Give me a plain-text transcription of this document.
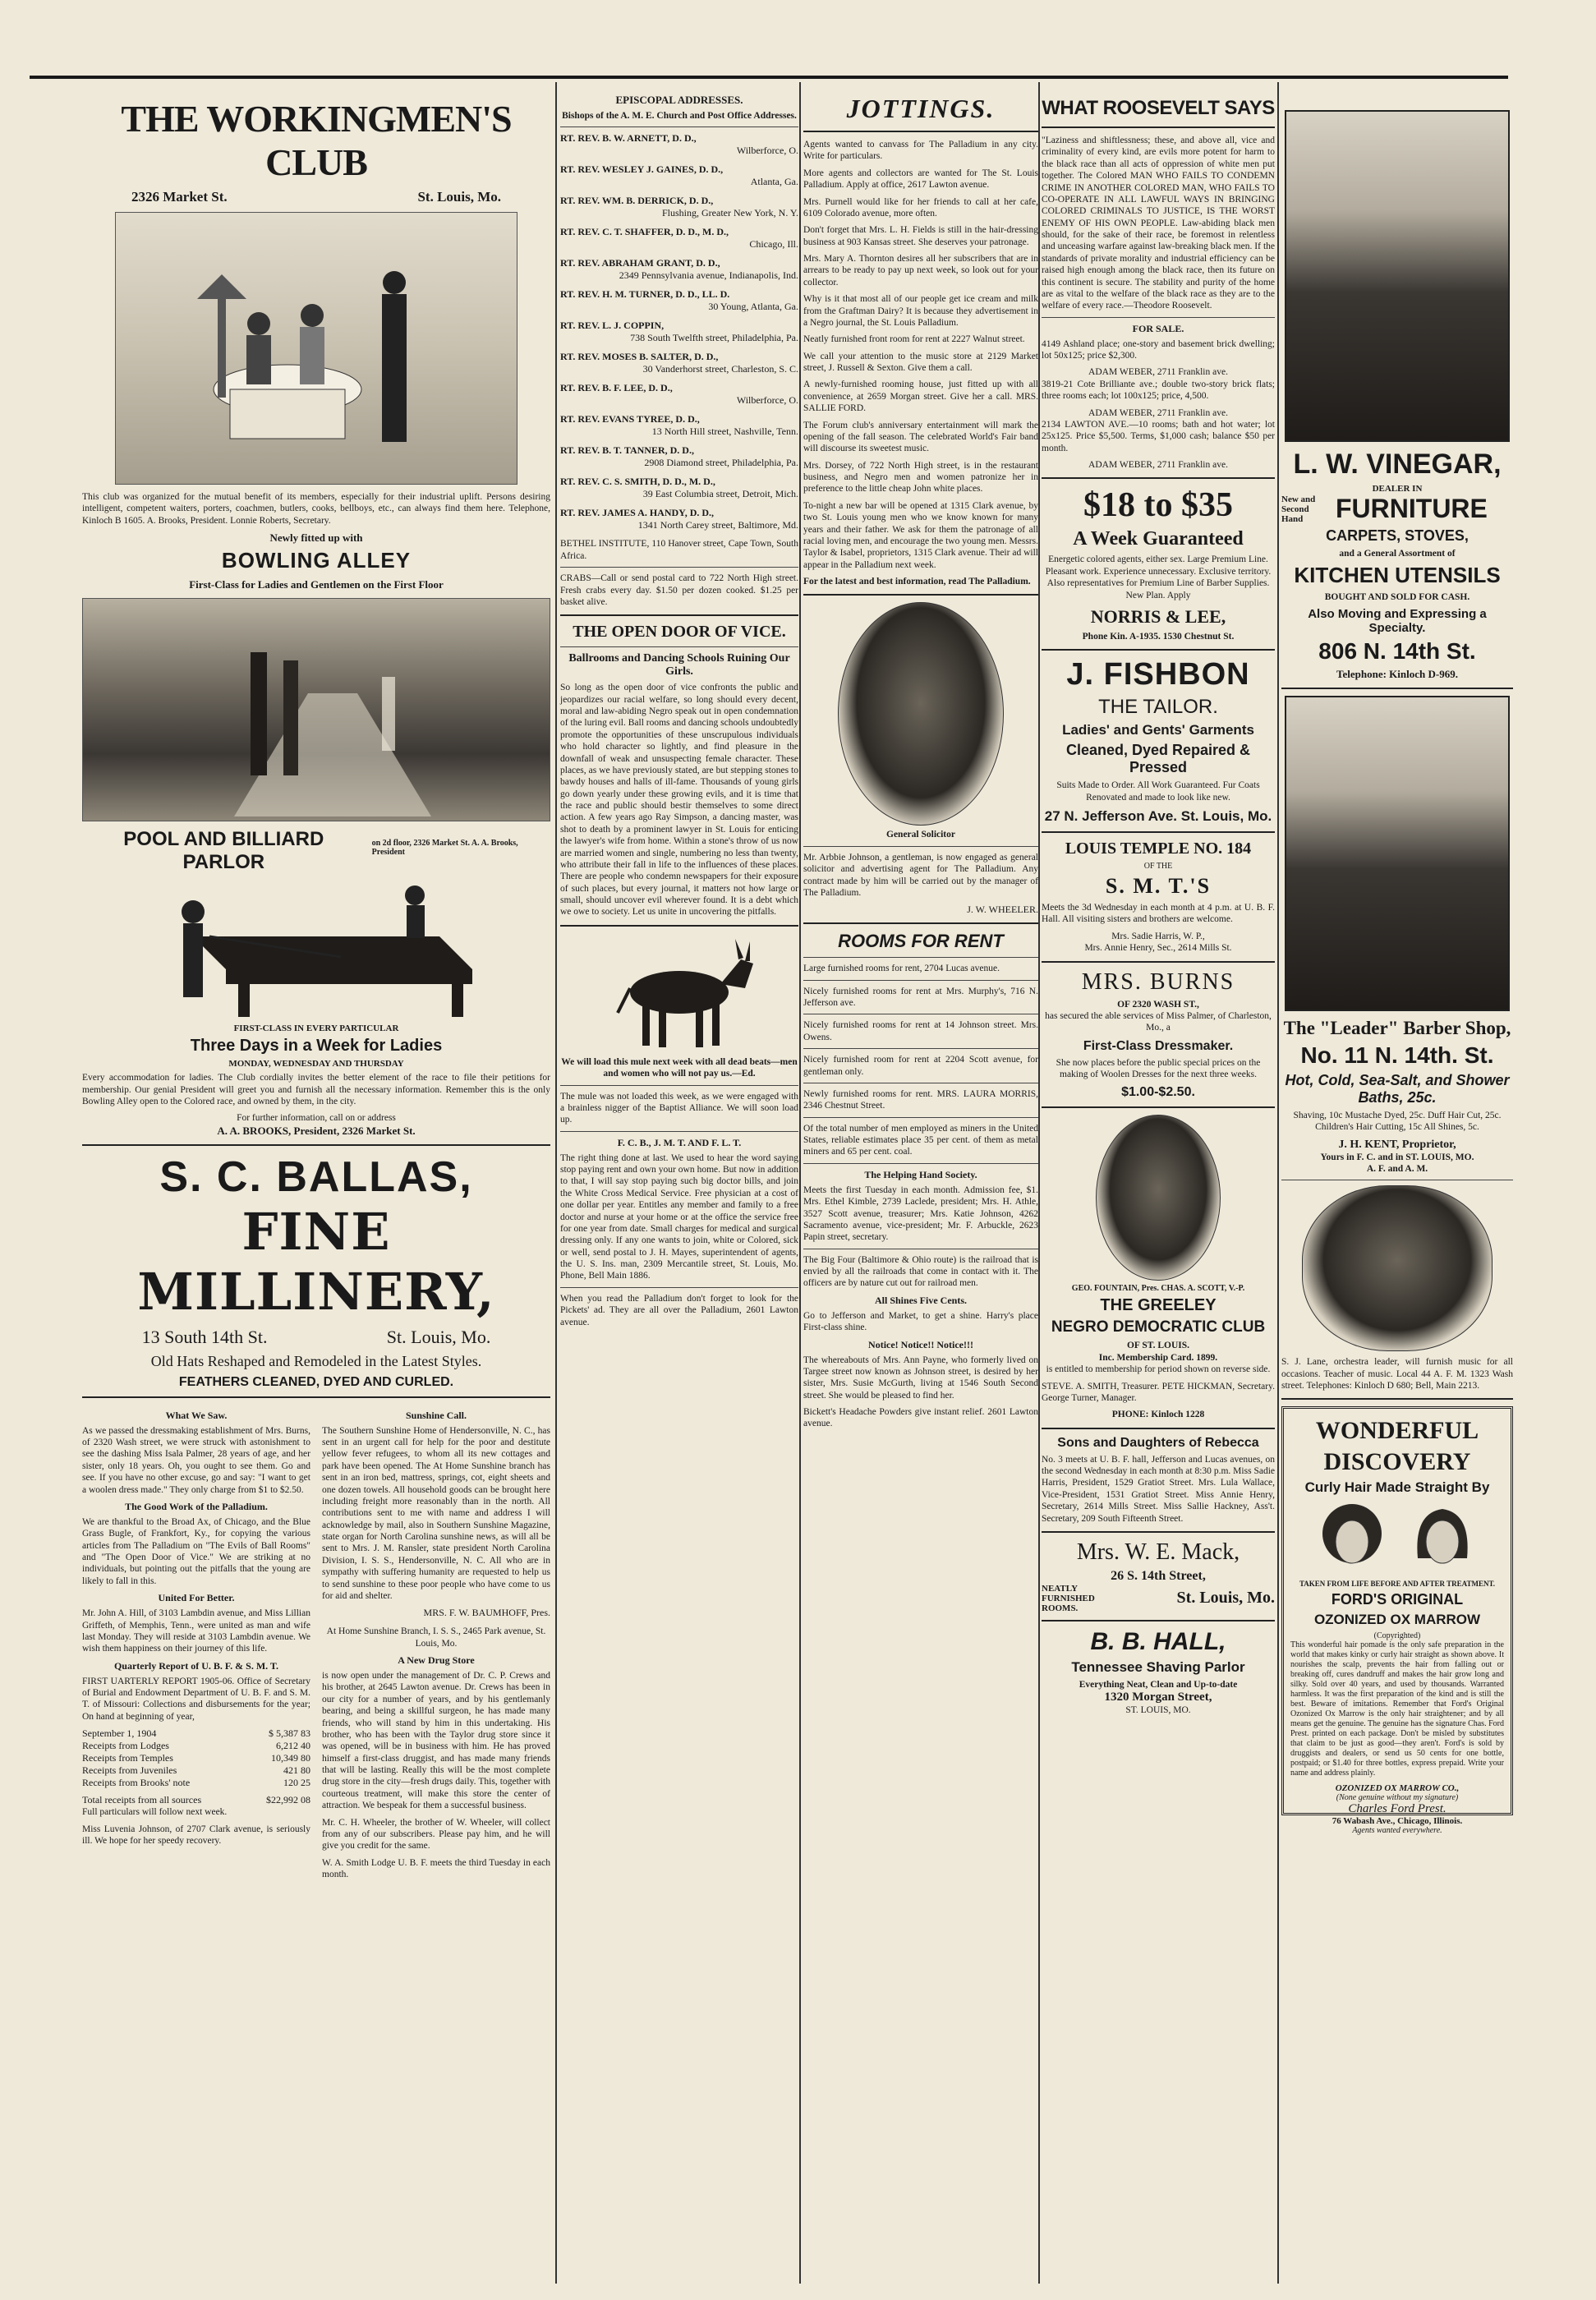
THE WORKINGMEN'S CLUB
2326 Market St.	St. Louis, Mo.

This club was organized for the mutual benefit of its members, especially for their industrial uplift. Persons desiring intelligent, competent waiters, porters, coachmen, butlers, cooks, bellboys, etc., can always find them here. Telephone, Kinloch B 1605. A. Brooks, President. Lonnie Roberts, Secretary.

Newly fitted up with
BOWLING ALLEY
First-Class for Ladies and Gentlemen on the First Floor
POOL AND BILLIARD PARLOR
on 2d floor, 2326 Market St. A. A. Brooks, President
FIRST-CLASS IN EVERY PARTICULAR
Three Days in a Week for Ladies
MONDAY, WEDNESDAY AND THURSDAY

Every accommodation for ladies. The Club cordially invites the better element of the race to file their petitions for membership. Our genial President will greet you and furnish all the necessary information. Remember this is the only Bowling Alley open to the Colored race, and owned by them, in the city.

For further information, call on or address
A. A. BROOKS, President, 2326 Market St.
S. C. BALLAS,
FINE MILLINERY,
13 South 14th St.	St. Louis, Mo.
Old Hats Reshaped and Remodeled in the Latest Styles.
FEATHERS CLEANED, DYED AND CURLED.
What We Saw.

As we passed the dressmaking establishment of Mrs. Burns, of 2320 Wash street, we were struck with astonishment to see the dashing Miss Isala Palmer, 28 years of age, and her sister, only 18 years. Oh, you ought to see them. Go and see. If you have no other excuse, go and say: "I want to get a woolen dress made." They only charge from $1 to $2.50.

The Good Work of the Palladium.

We are thankful to the Broad Ax, of Chicago, and the Blue Grass Bugle, of Frankfort, Ky., for copying the various articles from The Palladium on "The Evils of Ball Rooms" and "The Open Door of Vice." We are striking at no individuals, but pointing out the pitfalls that the young are likely to fall in this.

United For Better.

Mr. John A. Hill, of 3103 Lambdin avenue, and Miss Lillian Griffeth, of Memphis, Tenn., were united as man and wife last Monday. They will reside at 3103 Lambdin avenue. We wish them happiness on their journey of this life.

Quarterly Report of U. B. F. & S. M. T.

FIRST UARTERLY REPORT 1905-06. Office of Secretary of Burial and Endowment Department of U. B. F. and S. M. T. of Missouri: Collections and disbursements for the year; On hand at beginning of year,

September 1, 1904	$ 5,387 83
Receipts from Lodges	6,212 40
Receipts from Temples	10,349 80
Receipts from Juveniles	421 80
Receipts from Brooks' note	120 25
Total receipts from all sources	$22,992 08

Full particulars will follow next week.

Miss Luvenia Johnson, of 2707 Clark avenue, is seriously ill. We hope for her speedy recovery.

Sunshine Call.

The Southern Sunshine Home of Hendersonville, N. C., has sent in an urgent call for help for the poor and destitute yellow fever refugees, to whom all its new cottages and park have been opened. The At Home Sunshine branch has sent in an iron bed, mattress, springs, cot, eight sheets and one dozen towels. All household goods can be brought here including freight more reasonably than in the north. All contributions sent to me with name and address I will acknowledge by mail, also in Southern Sunshine Magazine, state organ for North Carolina sunshine news, as will all be sent to Mrs. J. M. Ransler, state president North Carolina Division, I. S. S., Hendersonville, N. C. All who are in sympathy with suffering humanity are requested to help us to send sunshine to these poor people who have come to us for aid and shelter.

MRS. F. W. BAUMHOFF, Pres.

At Home Sunshine Branch, I. S. S., 2465 Park avenue, St. Louis, Mo.

A New Drug Store

is now open under the management of Dr. C. P. Crews and his brother, at 2645 Lawton avenue. Dr. Crews has been in our city for a number of years, and by his gentlemanly bearing, and being a skillful surgeon, he has made many friends, who will stand by him in this undertaking. His brother, who has been with the Taylor drug store since it was opened, will be in business with him. He has proved himself a first-class druggist, and has made many friends that will be lasting. Really this will be the most complete drug store in the city—fresh drugs daily. This, together with courteous treatment, will make this store the center of attraction. We bespeak for them a successful business.

Mr. C. H. Wheeler, the brother of W. Wheeler, will collect from any of our subscribers. Please pay him, and he will give you credit for the same.

W. A. Smith Lodge U. B. F. meets the third Tuesday in each month.

EPISCOPAL ADDRESSES.
Bishops of the A. M. E. Church and Post Office Addresses.
RT. REV. B. W. ARNETT, D. D.,
Wilberforce, O.
RT. REV. WESLEY J. GAINES, D. D.,
Atlanta, Ga.
RT. REV. WM. B. DERRICK, D. D.,
Flushing, Greater New York, N. Y.
RT. REV. C. T. SHAFFER, D. D., M. D.,
Chicago, Ill.
RT. REV. ABRAHAM GRANT, D. D.,
2349 Pennsylvania avenue, Indianapolis, Ind.
RT. REV. H. M. TURNER, D. D., LL. D.
30 Young, Atlanta, Ga.
RT. REV. L. J. COPPIN,
738 South Twelfth street, Philadelphia, Pa.
RT. REV. MOSES B. SALTER, D. D.,
30 Vanderhorst street, Charleston, S. C.
RT. REV. B. F. LEE, D. D.,
Wilberforce, O.
RT. REV. EVANS TYREE, D. D.,
13 North Hill street, Nashville, Tenn.
RT. REV. B. T. TANNER, D. D.,
2908 Diamond street, Philadelphia, Pa.
RT. REV. C. S. SMITH, D. D., M. D.,
39 East Columbia street, Detroit, Mich.
RT. REV. JAMES A. HANDY, D. D.,
1341 North Carey street, Baltimore, Md.

BETHEL INSTITUTE, 110 Hanover street, Cape Town, South Africa.

CRABS—Call or send postal card to 722 North High street. Fresh crabs every day. $1.50 per dozen cooked. $1.25 per basket alive.

THE OPEN DOOR OF VICE.
Ballrooms and Dancing Schools Ruining Our Girls.

So long as the open door of vice confronts the public and jeopardizes our racial welfare, so long should every decent, moral and law-abiding Negro speak out in open condemnation of the luring evil. Ball rooms and dancing schools undoubtedly promote the opportunities of these unscrupulous individuals who hold character so lightly, and find pleasure in the downfall of weak and unsuspecting female character. These places, as we have previously stated, are but stepping stones to bawdy houses and halls of ill-fame. Thousands of young girls go down yearly under these growing evils, and it is time that the race and public should bestir themselves to some direct action. A few years ago Ray Simpson, a dancing master, was shot to death by a prominent lawyer in St. Louis for enticing the lawyer's wife from home. Within a stone's throw of us now are married women and single, numbering no less than twenty, who attribute their fall in life to the influences of these places. There are people who condemn newspapers for their exposure of such places, but every journal, it matters not how large or small, should uncover evil wherever found. It is a debt which we owe to society. Let us unite in uncovering the pitfalls.

We will load this mule next week with all dead beats—men and women who will not pay us.—Ed.

The mule was not loaded this week, as we were engaged with a brainless nigger of the Baptist Alliance. We will soon load up.

F. C. B., J. M. T. AND F. L. T.

The right thing done at last. We used to hear the word saying stop paying rent and own your own home. But now in addition to that, I will say stop paying such big doctor bills, and join the White Cross Medical Service. Free physician at a cost of one dollar per year. Entitles any member and family to a free doctor and nurse at your home or at the office the service free for one year from date. Small charges for medical and surgical dressing only. If any one wants to join, white or Colored, sick or well, send postal to J. H. Mayes, superintendent of agents, the U. S. Ins. man, 2309 Mercantile street, St. Louis, Mo. Phone, Bell Main 1886.

When you read the Palladium don't forget to look for the Pickets' ad. They are all over the Palladium, 2601 Lawton avenue.

JOTTINGS.

Agents wanted to canvass for The Palladium in any city. Write for particulars.

More agents and collectors are wanted for The St. Louis Palladium. Apply at office, 2617 Lawton avenue.

Mrs. Purnell would like for her friends to call at her cafe, 6109 Colorado avenue, more often.

Don't forget that Mrs. L. H. Fields is still in the hair-dressing business at 903 Kansas street. She deserves your patronage.

Mrs. Mary A. Thornton desires all her subscribers that are in arrears to be ready to pay up next week, so look out for your collector.

Why is it that most all of our people get ice cream and milk from the Graftman Dairy? It is because they advertisement in a Negro journal, the St. Louis Palladium.

Neatly furnished front room for rent at 2227 Walnut street.

We call your attention to the music store at 2129 Market street, J. Russell & Sexton. Give them a call.

A newly-furnished rooming house, just fitted up with all convenience, at 2659 Morgan street. Give her a call. MRS. SALLIE FORD.

The Forum club's anniversary entertainment will mark the opening of the fall season. The celebrated World's Fair band will discourse its sweetest music.

Mrs. Dorsey, of 722 North High street, is in the restaurant business, and Negro men and women patronize her in preference to the little cheap John white places.

To-night a new bar will be opened at 1315 Clark avenue, by two St. Louis young men who we know known for many years and their father. We ask for them the patronage of all racial loving men, and encourage the two young men. Messrs. Taylor & Isabel, proprietors, 1315 Clark avenue. Their ad will appear in the Palladium next week.

For the latest and best information, read The Palladium.

General Solicitor

Mr. Arbbie Johnson, a gentleman, is now engaged as general solicitor and advertising agent for The Palladium. Any contract made by him will be carried out by the manager of The Palladium.

J. W. WHEELER.
ROOMS FOR RENT

Large furnished rooms for rent, 2704 Lucas avenue.

Nicely furnished rooms for rent at Mrs. Murphy's, 716 N. Jefferson ave.

Nicely furnished rooms for rent at 14 Johnson street. Mrs. Owens.

Nicely furnished room for rent at 2204 Scott avenue, for gentleman only.

Newly furnished rooms for rent. MRS. LAURA MORRIS, 2346 Chestnut Street.

Of the total number of men employed as miners in the United States, reliable estimates place 35 per cent. of them as metal miners and 65 per cent. coal.

The Helping Hand Society.

Meets the first Tuesday in each month. Admission fee, $1. Mrs. Ethel Kimble, 2739 Laclede, president; Mrs. H. Athle, 3527 Scott avenue, treasurer; Mrs. Katie Johnson, 4262 Sacramento avenue, vice-president; Mr. F. Arbuckle, 2623 Papin street, secretary.

The Big Four (Baltimore & Ohio route) is the railroad that is envied by all the railroads that come in contact with it. The officers are by nature cut out for railroad men.

All Shines Five Cents.

Go to Jefferson and Market, to get a shine. Harry's place First-class shine.

Notice! Notice!! Notice!!!

The whereabouts of Mrs. Ann Payne, who formerly lived on Targee street now known as Johnson street, is desired by her sister, Mrs. Susie McGurth, living at 1546 South Second street. She would be pleased to find her.

Bickett's Headache Powders give instant relief. 2601 Lawton avenue.

WHAT ROOSEVELT SAYS

"Laziness and shiftlessness; these, and above all, vice and criminality of every kind, are evils more potent for harm to the black race than all acts of oppression of white men put together. The Colored MAN WHO FAILS TO CONDEMN CRIME IN ANOTHER COLORED MAN, WHO FAILS TO CO-OPERATE IN ALL LAWFUL WAYS IN BRINGING COLORED CRIMINALS TO JUSTICE, IS THE WORST ENEMY OF HIS OWN PEOPLE. Law-abiding black men should, for the sake of their race, be foremost in relentless and unceasing warfare against law-breaking black men. If the standards of private morality and industrial efficiency can be raised high enough among the black race, then its future on this continent is secure. The stability and purity of the home are as vital to the welfare of the black race as they are to the welfare of every race.—Theodore Roosevelt.

FOR SALE.

4149 Ashland place; one-story and basement brick dwelling; lot 50x125; price $2,300.

ADAM WEBER, 2711 Franklin ave.

3819-21 Cote Brilliante ave.; double two-story brick flats; three rooms each; lot 100x125; price, 4,500.

ADAM WEBER, 2711 Franklin ave.

2134 LAWTON AVE.—10 rooms; bath and hot water; lot 25x125. Price $5,500. Terms, $1,000 cash; balance $50 per month.

ADAM WEBER, 2711 Franklin ave.
$18 to $35
A Week Guaranteed

Energetic colored agents, either sex. Large Premium Line. Pleasant work. Experience unnecessary. Exclusive territory. Also representatives for Premium Line of Barber Supplies. New Plan. Apply

NORRIS & LEE,
Phone Kin. A-1935. 1530 Chestnut St.
J. FISHBON
THE TAILOR.
Ladies' and Gents' Garments
Cleaned, Dyed Repaired & Pressed

Suits Made to Order. All Work Guaranteed. Fur Coats Renovated and made to look like new.

27 N. Jefferson Ave. St. Louis, Mo.
LOUIS TEMPLE NO. 184
OF THE
S. M. T.'S

Meets the 3d Wednesday in each month at 4 p.m. at U. B. F. Hall. All visiting sisters and brothers are welcome.

Mrs. Sadie Harris, W. P.,
Mrs. Annie Henry, Sec., 2614 Mills St.
MRS. BURNS
OF 2320 WASH ST.,

has secured the able services of Miss Palmer, of Charleston, Mo., a

First-Class Dressmaker.

She now places before the public special prices on the making of Woolen Dresses for the next three weeks.

$1.00-$2.50.
GEO. FOUNTAIN, Pres. CHAS. A. SCOTT, V.-P.
THE GREELEY
NEGRO DEMOCRATIC CLUB
OF ST. LOUIS.
Inc. Membership Card. 1899.

is entitled to membership for period shown on reverse side.

STEVE. A. SMITH, Treasurer. PETE HICKMAN, Secretary. George Turner, Manager.

PHONE: Kinloch 1228
Sons and Daughters of Rebecca

No. 3 meets at U. B. F. hall, Jefferson and Lucas avenues, on the second Wednesday in each month at 8:30 p.m. Miss Sadie Harris, President, 1529 Gratiot Street. Mrs. Lula Wallace, Vice-President, 1531 Gratiot Street. Miss Annie Henry, Secretary, 2614 Mills Street. Miss Sallie Hackney, Ass't. Secretary, 209 South Fifteenth Street.

Mrs. W. E. Mack,
26 S. 14th Street,
NEATLY FURNISHED ROOMS.
St. Louis, Mo.
B. B. HALL,
Tennessee Shaving Parlor
Everything Neat, Clean and Up-to-date
1320 Morgan Street,
ST. LOUIS, MO.
L. W. VINEGAR,
DEALER IN
New and Second Hand	FURNITURE
CARPETS, STOVES,
and a General Assortment of
KITCHEN UTENSILS
BOUGHT AND SOLD FOR CASH.
Also Moving and Expressing a Specialty.
806 N. 14th St.
Telephone: Kinloch D-969.
The "Leader" Barber Shop,
No. 11 N. 14th. St.
Hot, Cold, Sea-Salt, and Shower Baths, 25c.

Shaving, 10c Mustache Dyed, 25c. Duff Hair Cut, 25c. Children's Hair Cutting, 15c All Shines, 5c.

J. H. KENT, Proprietor,
Yours in F. C. and in ST. LOUIS, MO.
A. F. and A. M.

S. J. Lane, orchestra leader, will furnish music for all occasions. Teacher of music. Local 44 A. F. M. 1323 Wash street. Telephones: Kinloch D 680; Bell, Main 2213.

WONDERFUL
DISCOVERY
Curly Hair Made Straight By
TAKEN FROM LIFE BEFORE AND AFTER TREATMENT.
FORD'S ORIGINAL
OZONIZED OX MARROW
(Copyrighted)

This wonderful hair pomade is the only safe preparation in the world that makes kinky or curly hair straight as shown above. It nourishes the scalp, prevents the hair from falling out or breaking off, cures dandruff and makes the hair grow long and silky. Sold over 40 years, and used by thousands. Warranted harmless. It was the first preparation of the kind and is still the best. Beware of imitations. Remember that Ford's Original Ozonized Ox Marrow is the only hair straightener; and by all means get the genuine. The genuine has the signature Chas. Ford Prest. printed on each package. Don't be misled by substitutes that claim to be just as good—they aren't. Ford's is sold by druggists and dealers, or send us 50 cents for one bottle, postpaid; or $1.40 for three bottles, express prepaid. Write your name and address plainly.

OZONIZED OX MARROW CO.,
(None genuine without my signature)
Charles Ford Prest.
76 Wabash Ave., Chicago, Illinois.
Agents wanted everywhere.
